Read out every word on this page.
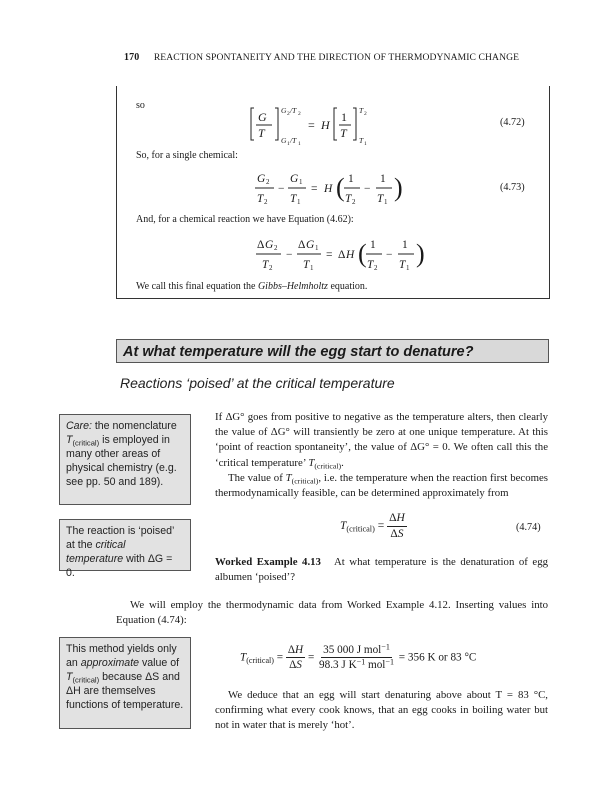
170 REACTION SPONTANEITY AND THE DIRECTION OF THERMODYNAMIC CHANGE
so
G
T
G 2 /T 2
G 1 /T 1
= H
1
T
T 2
T 1
(4.72)
So, for a single chemical:
G 2
T 2
−
G 1
T 1
= H ( 1
T 2
−
1
T 1 )	(4.73)
And, for a chemical reaction we have Equation (4.62):
Δ G 2
T 2
−
Δ G 1
T 1
= Δ H ( 1
T 2
−
1
T 1 )
We call this final equation the Gibbs–Helmholtz equation.
At what temperature will the egg start to denature?
Reactions ‘poised’ at the critical temperature
Care: the nomenclature $T_{(critical)}$ is employed in many other areas of physical chemistry (e.g. see pp. 50 and 189).
The reaction is ‘poised’ at the critical temperature with ΔG = 0.
If ΔG° goes from positive to negative as the temperature alters, then clearly the value of ΔG° will transiently be zero at one unique temperature. At this ‘point of reaction spontaneity’, the value of ΔG° = 0. We often call this the ‘critical temperature’ $T_{(critical)}$.
The value of $T_{(critical)}$, i.e. the temperature when the reaction first becomes thermodynamically feasible, can be determined approximately from
$T_{(critical)} = \frac{\Delta H}{\Delta S}$	(4.74)
Worked Example 4.13 At what temperature is the denaturation of egg albumen ‘poised’?
We will employ the thermodynamic data from Worked Example 4.12. Inserting values into Equation (4.74):
This method yields only an approximate value of $T_{(critical)}$ because ΔS and ΔH are themselves functions of temperature.
$T_{(critical)} = \frac{\Delta H}{\Delta S} = \frac{35 000 J mol^{-1}}{98.3 J K^{-1} mol^{-1}} = 356$ K or 83 °C
We deduce that an egg will start denaturing above about T = 83 °C, confirming what every cook knows, that an egg cooks in boiling water but not in water that is merely ‘hot’.
